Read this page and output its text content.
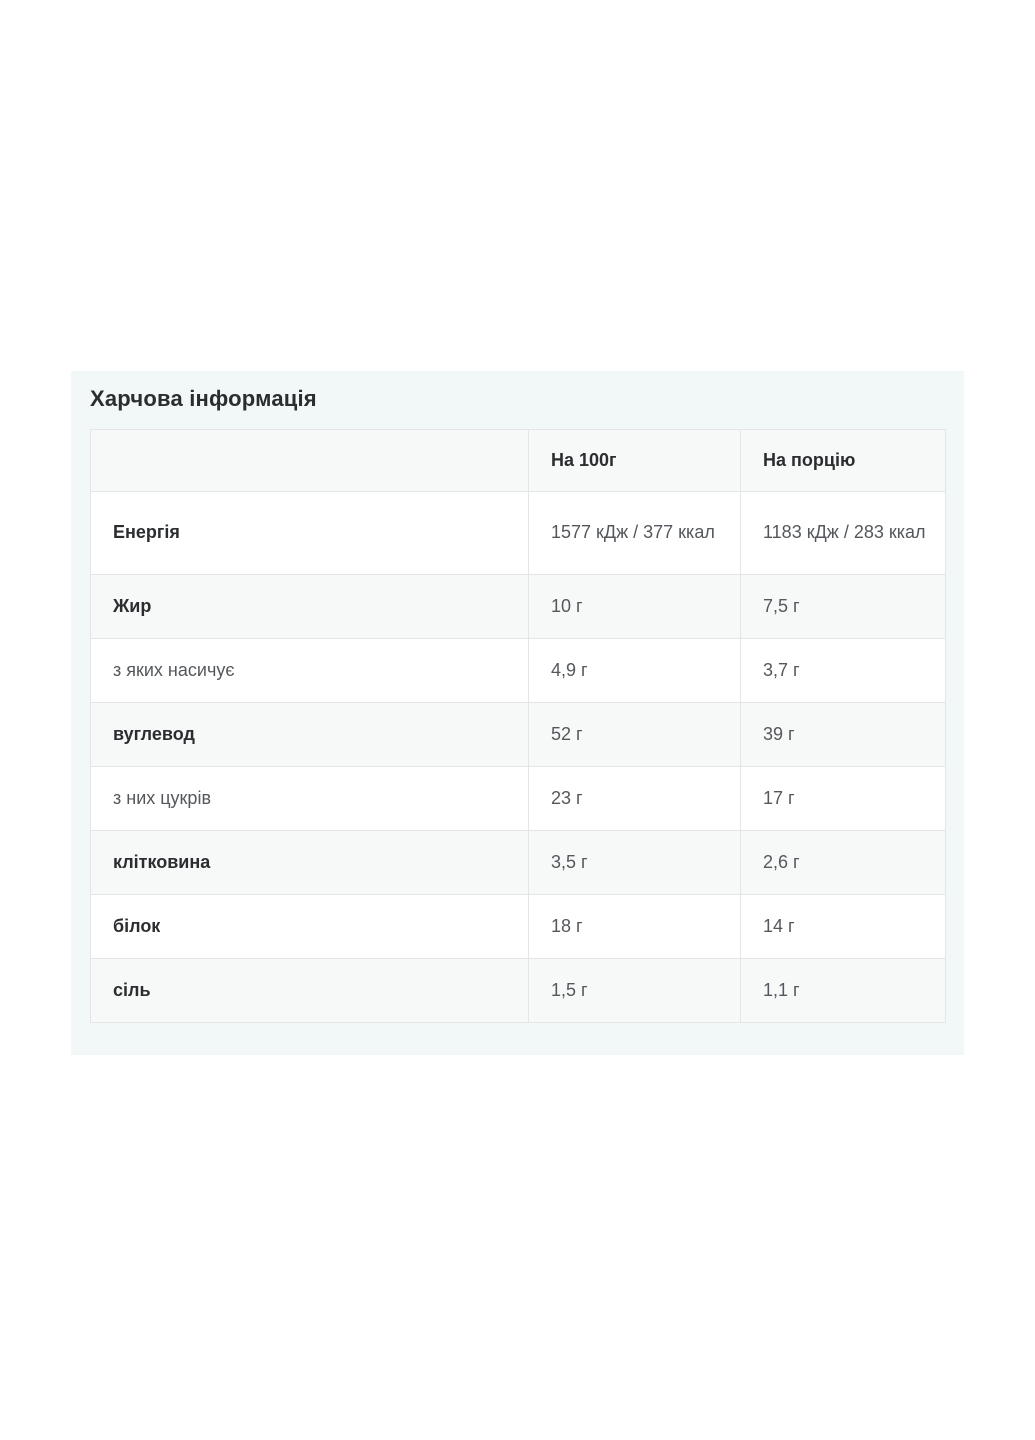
Харчова інформація
	На 100г	На порцію
Енергія	1577 кДж / 377 ккал	1183 кДж / 283 ккал

Жир	10 г	7,5 г
з яких насичує	4,9 г	3,7 г
вуглевод	52 г	39 г
з них цукрів	23 г	17 г
клітковина	3,5 г	2,6 г
білок	18 г	14 г
сіль	1,5 г	1,1 г
